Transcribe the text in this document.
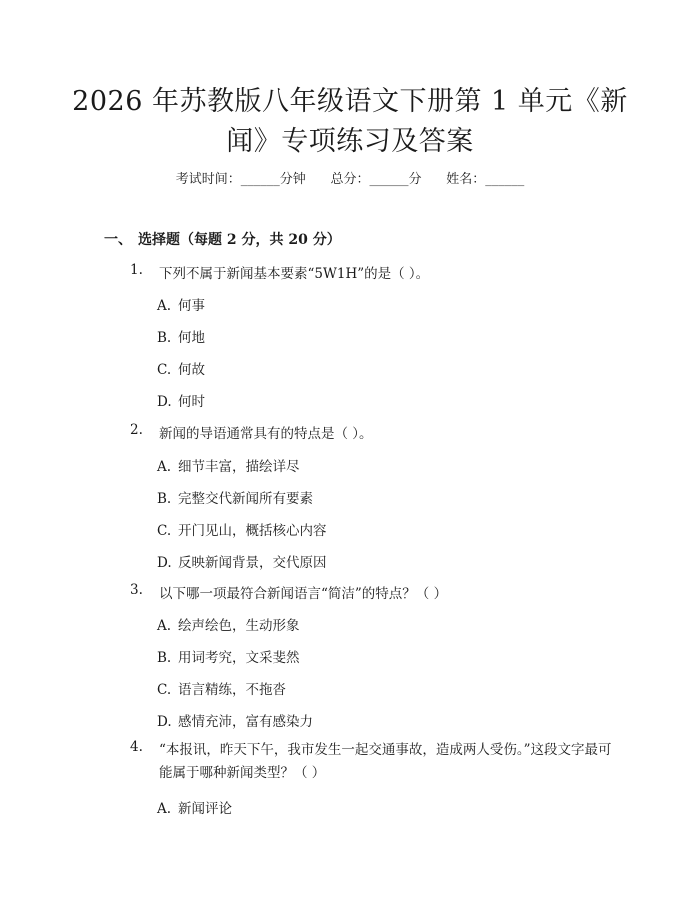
2026 年苏教版八年级语文下册第 1 单元《新
闻》专项练习及答案
考试时间：______分钟      总分：______分      姓名：______
一、 选择题（每题 2 分，共 20 分）
1. 下列不属于新闻基本要素“5W1H”的是（ ）。
A. 何事
B. 何地
C. 何故
D. 何时
2. 新闻的导语通常具有的特点是（ ）。
A. 细节丰富，描绘详尽
B. 完整交代新闻所有要素
C. 开门见山，概括核心内容
D. 反映新闻背景，交代原因
3. 以下哪一项最符合新闻语言“简洁”的特点？（ ）
A. 绘声绘色，生动形象
B. 用词考究，文采斐然
C. 语言精练，不拖沓
D. 感情充沛，富有感染力
4.	“本报讯，昨天下午，我市发生一起交通事故，造成两人受伤。”这段文字最可能属于哪种新闻类型？（ ）
A. 新闻评论
